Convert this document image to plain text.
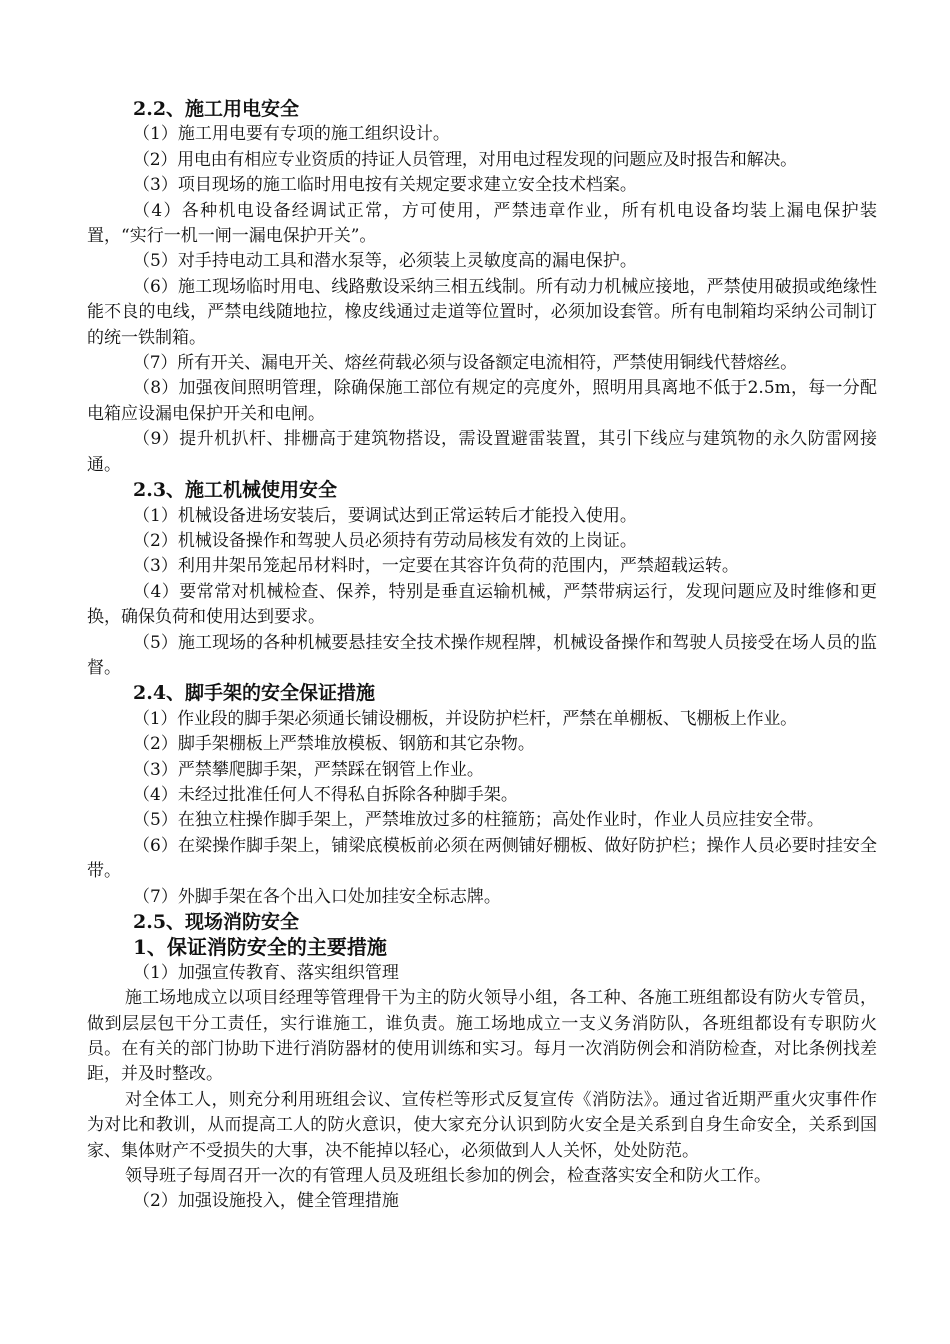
2.2、施工用电安全
（1）施工用电要有专项的施工组织设计。
（2）用电由有相应专业资质的持证人员管理，对用电过程发现的问题应及时报告和解决。
（3）项目现场的施工临时用电按有关规定要求建立安全技术档案。
（4）各种机电设备经调试正常，方可使用，严禁违章作业，所有机电设备均装上漏电保护装置，“实行一机一闸一漏电保护开关”。
（5）对手持电动工具和潜水泵等，必须装上灵敏度高的漏电保护。
（6）施工现场临时用电、线路敷设采纳三相五线制。所有动力机械应接地，严禁使用破损或绝缘性能不良的电线，严禁电线随地拉，橡皮线通过走道等位置时，必须加设套管。所有电制箱均采纳公司制订的统一铁制箱。
（7）所有开关、漏电开关、熔丝荷载必须与设备额定电流相符，严禁使用铜线代替熔丝。
（8）加强夜间照明管理，除确保施工部位有规定的亮度外，照明用具离地不低于2.5m，每一分配电箱应设漏电保护开关和电闸。
（9）提升机扒杆、排栅高于建筑物搭设，需设置避雷装置，其引下线应与建筑物的永久防雷网接通。
2.3、施工机械使用安全
（1）机械设备进场安装后，要调试达到正常运转后才能投入使用。
（2）机械设备操作和驾驶人员必须持有劳动局核发有效的上岗证。
（3）利用井架吊笼起吊材料时，一定要在其容许负荷的范围内，严禁超载运转。
（4）要常常对机械检查、保养，特别是垂直运输机械，严禁带病运行，发现问题应及时维修和更换，确保负荷和使用达到要求。
（5）施工现场的各种机械要悬挂安全技术操作规程牌，机械设备操作和驾驶人员接受在场人员的监督。
2.4、脚手架的安全保证措施
（1）作业段的脚手架必须通长铺设棚板，并设防护栏杆，严禁在单棚板、飞棚板上作业。
（2）脚手架棚板上严禁堆放模板、钢筋和其它杂物。
（3）严禁攀爬脚手架，严禁踩在钢管上作业。
（4）未经过批准任何人不得私自拆除各种脚手架。
（5）在独立柱操作脚手架上，严禁堆放过多的柱箍筋；高处作业时，作业人员应挂安全带。
（6）在梁操作脚手架上，铺梁底模板前必须在两侧铺好棚板、做好防护栏；操作人员必要时挂安全带。
（7）外脚手架在各个出入口处加挂安全标志牌。
2.5、现场消防安全
1、保证消防安全的主要措施
（1）加强宣传教育、落实组织管理
施工场地成立以项目经理等管理骨干为主的防火领导小组，各工种、各施工班组都设有防火专管员，做到层层包干分工责任，实行谁施工，谁负责。施工场地成立一支义务消防队，各班组都设有专职防火员。在有关的部门协助下进行消防器材的使用训练和实习。每月一次消防例会和消防检查，对比条例找差距，并及时整改。
对全体工人，则充分利用班组会议、宣传栏等形式反复宣传《消防法》。通过省近期严重火灾事件作为对比和教训，从而提高工人的防火意识，使大家充分认识到防火安全是关系到自身生命安全，关系到国家、集体财产不受损失的大事，决不能掉以轻心，必须做到人人关怀，处处防范。
领导班子每周召开一次的有管理人员及班组长参加的例会，检查落实安全和防火工作。
（2）加强设施投入，健全管理措施
